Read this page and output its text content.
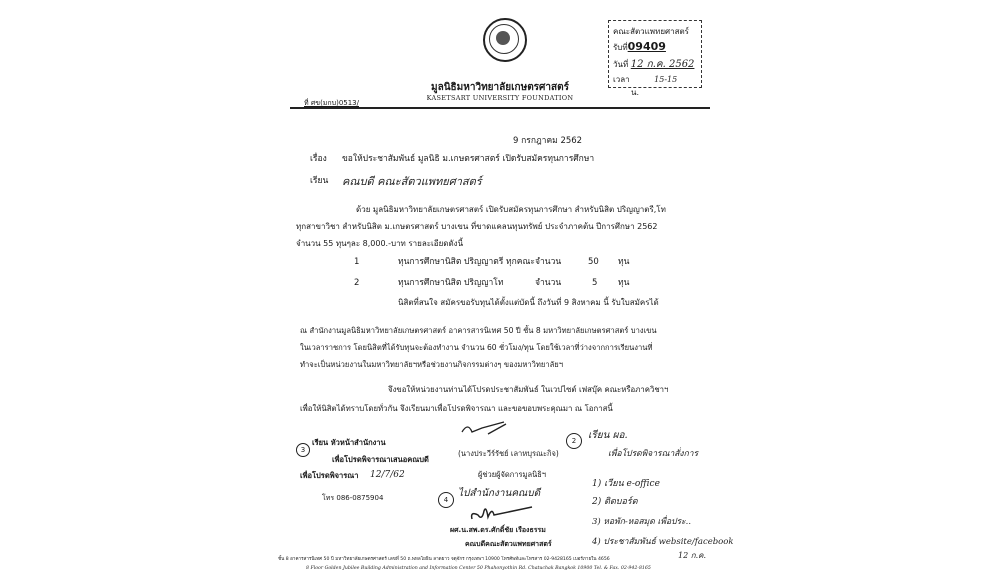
มูลนิธิมหาวิทยาลัยเกษตรศาสตร์
KASETSART UNIVERSITY FOUNDATION
ที่ ศข(มกบ)0513/
คณะสัตวแพทยศาสตร์
รับที่09409
วันที่ 12 ก.ค. 2562
เวลา	15-15 น.
9 กรกฎาคม 2562
เรื่อง ขอให้ประชาสัมพันธ์ มูลนิธิ ม.เกษตรศาสตร์ เปิดรับสมัครทุนการศึกษา
เรียน คณบดี คณะสัตวแพทยศาสตร์
ด้วย มูลนิธิมหาวิทยาลัยเกษตรศาสตร์ เปิดรับสมัครทุนการศึกษา สำหรับนิสิต ปริญญาตรี,โท
ทุกสาขาวิชา สำหรับนิสิต ม.เกษตรศาสตร์ บางเขน ที่ขาดแคลนทุนทรัพย์ ประจำภาคต้น ปีการศึกษา 2562
จำนวน 55 ทุนๆละ 8,000.-บาท รายละเอียดดังนี้
1	ทุนการศึกษานิสิต ปริญญาตรี ทุกคณะ จำนวน	50 ทุน
2	ทุนการศึกษานิสิต ปริญญาโท	จำนวน	5 ทุน
นิสิตที่สนใจ สมัครขอรับทุนได้ตั้งแต่บัดนี้ ถึงวันที่ 9 สิงหาคม นี้ รับใบสมัครได้
ณ สำนักงานมูลนิธิมหาวิทยาลัยเกษตรศาสตร์ อาคารสารนิเทศ 50 ปี ชั้น 8 มหาวิทยาลัยเกษตรศาสตร์ บางเขน
ในเวลาราชการ โดยนิสิตที่ได้รับทุนจะต้องทำงาน จำนวน 60 ชั่วโมง/ทุน โดยใช้เวลาที่ว่างจากการเรียนงานที่
ทำจะเป็นหน่วยงานในมหาวิทยาลัยฯหรือช่วยงานกิจกรรมต่างๆ ของมหาวิทยาลัยฯ
จึงขอให้หน่วยงานท่านได้โปรดประชาสัมพันธ์ ในเวปไซต์ เฟสบุ๊ค คณะหรือภาควิชาฯ
เพื่อให้นิสิตได้ทราบโดยทั่วกัน จึงเรียนมาเพื่อโปรดพิจารณา และขอขอบพระคุณมา ณ โอกาสนี้
(นางประวีร์รัชย์ เลาหบุรณะกิจ)
ผู้ช่วยผู้จัดการมูลนิธิฯ
3
เรียน หัวหน้าสำนักงาน
เพื่อโปรดพิจารณาเสนอคณบดี
เพื่อโปรดพิจารณา 12/7/62
โทร 086-0875904	4
ไปสำนักงานคณบดี
ผศ.น.สพ.ดร.ศักดิ์ชัย เรืองธรรม
คณบดีคณะสัตวแพทยศาสตร์
2	เรียน ผอ.
เพื่อโปรดพิจารณาสั่งการ
1) เวียน e-office
2) ติดบอร์ด
3) หอพัก-หอสมุด เพื่อประ..
4) ประชาสัมพันธ์ website/facebook
12 ก.ค.
ชั้น 8 อาคารสารนิเทศ 50 ปี มหาวิทยาลัยเกษตรศาสตร์ เลขที่ 50 ถ.พหลโยธิน ลาดยาว จตุจักร กรุงเทพฯ 10900 โทรศัพท์และโทรสาร 02-9428165 เบอร์ภายใน 4656
8 Floor Golden Jubilee Building Administration and Information Center 50 Phahonyothin Rd. Chatuchak Bangkok 10900 Tel. & Fax. 02-942-8165
